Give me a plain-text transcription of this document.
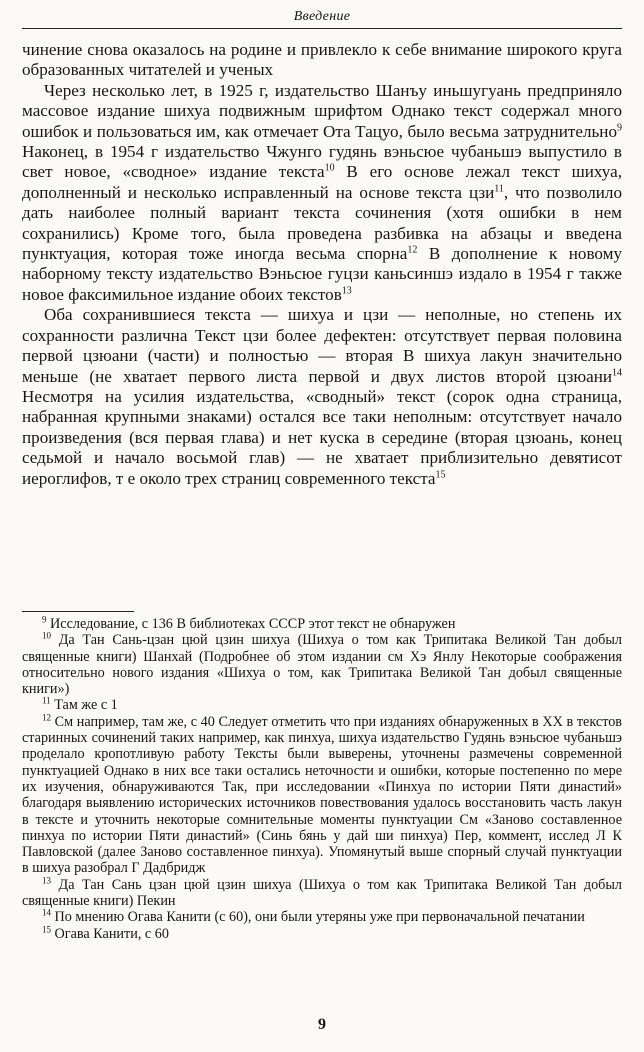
Введение

чинение снова оказалось на родине и привлекло к себе внимание широкого круга образованных читателей и ученых

Через несколько лет, в 1925 г, издательство Шанъу иньшугуань предприняло массовое издание шихуа подвижным шрифтом Однако текст содержал много ошибок и пользоваться им, как отмечает Ота Тацуо, было весьма затруднительно$^9$ Наконец, в 1954 г издательство Чжунго гудянь вэньсюе чубаньшэ выпустило в свет новое, «сводное» издание текста$^{10}$ В его основе лежал текст шихуа, дополненный и несколько исправленный на основе текста цзи$^{11}$, что позволило дать наиболее полный вариант текста сочинения (хотя ошибки в нем сохранились) Кроме того, была проведена разбивка на абзацы и введена пунктуация, которая тоже иногда весьма спорна$^{12}$ В дополнение к новому наборному тексту издательство Вэньсюе гуцзи каньсиншэ издало в 1954 г также новое факсимильное издание обоих текстов$^{13}$

Оба сохранившиеся текста — шихуа и цзи — неполные, но степень их сохранности различна Текст цзи более дефектен: отсутствует первая половина первой цзюани (части) и полностью — вторая В шихуа лакун значительно меньше (не хватает первого листа первой и двух листов второй цзюани$^{14}$ Несмотря на усилия издательства, «сводный» текст (сорок одна страница, набранная крупными знаками) остался все таки неполным: отсутствует начало произведения (вся первая глава) и нет куска в середине (вторая цзюань, конец седьмой и начало восьмой глав) — не хватает приблизительно девятисот иероглифов, т е около трех страниц современного текста$^{15}$

$^9$ Исследование, с 136 В библиотеках СССР этот текст не обнаружен

$^{10}$ Да Тан Сань-цзан цюй цзин шихуа (Шихуа о том как Трипитака Великой Тан добыл священные книги) Шанхай (Подробнее об этом издании см Хэ Янлу Некоторые соображения относительно нового издания «Шихуа о том, как Трипитака Великой Тан добыл священные книги»)

$^{11}$ Там же с 1

$^{12}$ См например, там же, с 40 Следует отметить что при изданиях обнаруженных в XX в текстов старинных сочинений таких например, как пинхуа, шихуа издательство Гудянь вэньсюе чубаньшэ проделало кропотливую работу Тексты были выверены, уточнены размечены современной пунктуацией Однако в них все таки остались неточности и ошибки, которые постепенно по мере их изучения, обнаруживаются Так, при исследовании «Пинхуа по истории Пяти династий» благодаря выявлению исторических источников повествования удалось восстановить часть лакун в тексте и уточнить некоторые сомнительные моменты пунктуации См «Заново составленное пинхуа по истории Пяти династий» (Синь бянь у дай ши пинхуа) Пер, коммент, исслед Л К Павловской (далее Заново составленное пинхуа). Упомянутый выше спорный случай пунктуации в шихуа разобрал Г Дадбридж

$^{13}$ Да Тан Сань цзан цюй цзин шихуа (Шихуа о том как Трипитака Великой Тан добыл священные книги) Пекин

$^{14}$ По мнению Огава Канити (с 60), они были утеряны уже при первоначальной печатании

$^{15}$ Огава Канити, с 60

9
